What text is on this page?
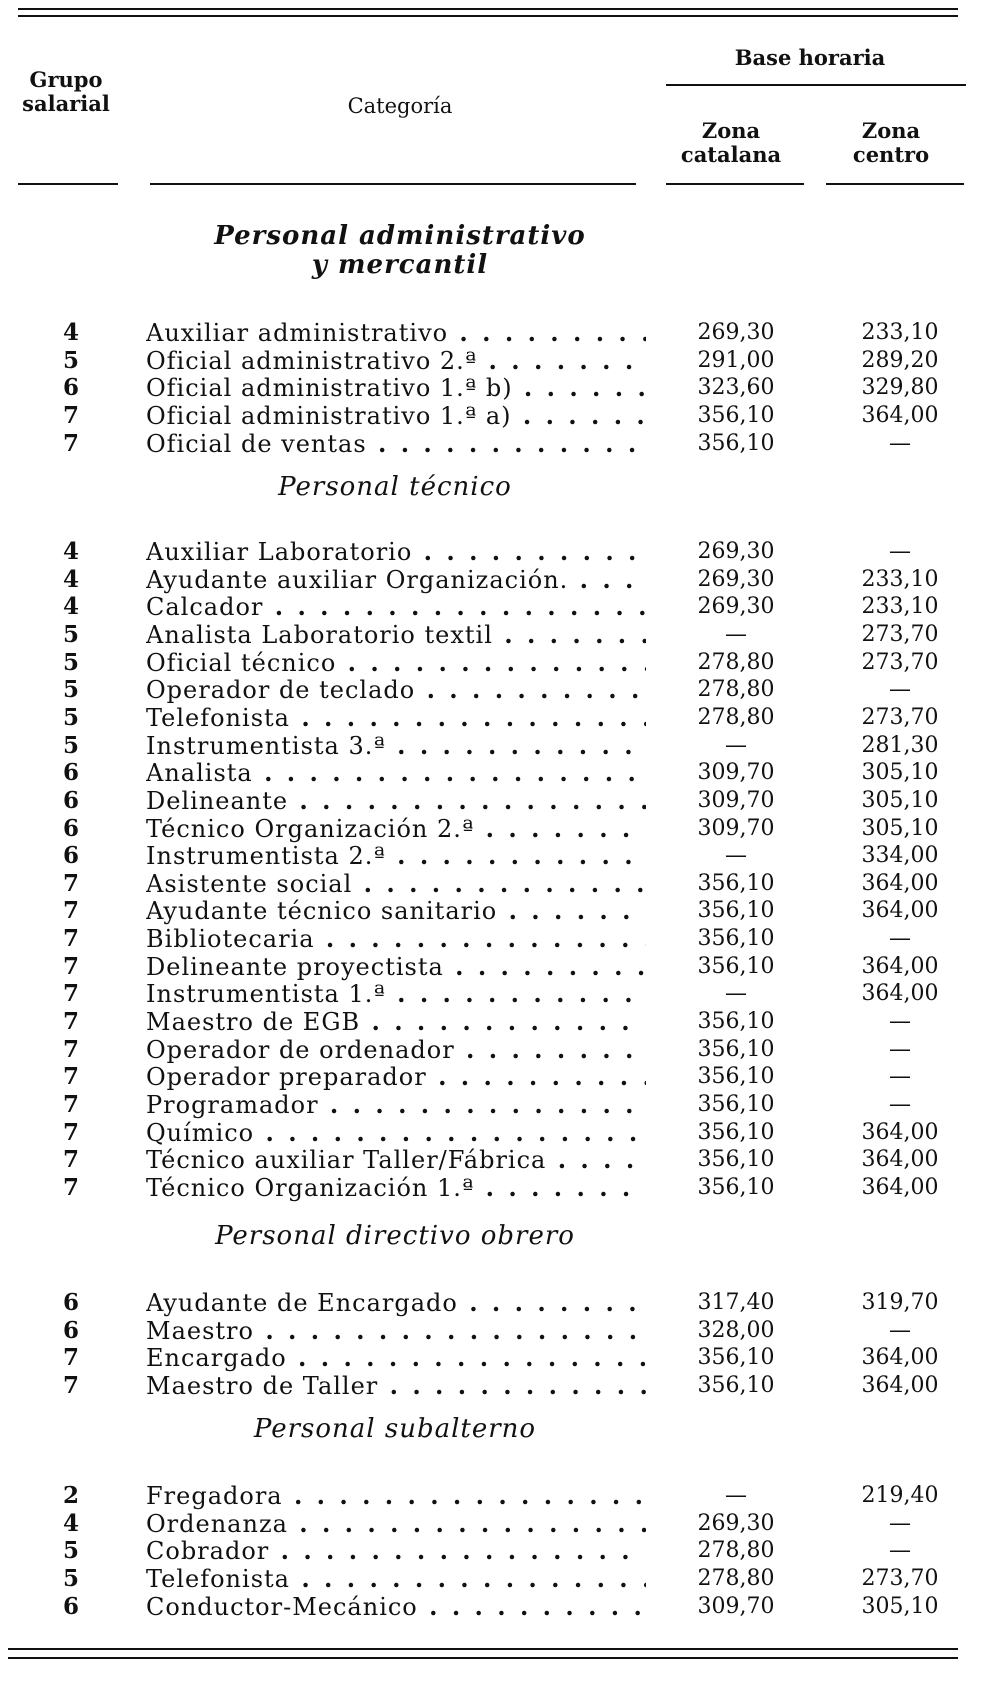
Grupo salarial	Categoría
Base horaria
Zona catalana
Zona centro
Personal administrativo y mercantil
Personal técnico
Personal directivo obrero
Personal subalterno
4	Auxiliar administrativo . . .	269,30	233,10
5	Oficial administrativo 2.ª . . .	291,00	289,20
6	Oficial administrativo 1.ª b) . . .	323,60	329,80
7	Oficial administrativo 1.ª a) . . .	356,10	364,00
7	Oficial de ventas . . .	356,10	—
4	Auxiliar Laboratorio . . .	269,30	—
4	Ayudante auxiliar Organización. . . .	269,30	233,10
4	Calcador . . .	269,30	233,10
5	Analista Laboratorio textil . . .	—	273,70
5	Oficial técnico . . .	278,80	273,70
5	Operador de teclado . . .	278,80	—
5	Telefonista . . .	278,80	273,70
5	Instrumentista 3.ª . . .	—	281,30
6	Analista . . .	309,70	305,10
6	Delineante . . .	309,70	305,10
6	Técnico Organización 2.ª . . .	309,70	305,10
6	Instrumentista 2.ª . . .	—	334,00
7	Asistente social . . .	356,10	364,00
7	Ayudante técnico sanitario . . .	356,10	364,00
7	Bibliotecaria . . .	356,10	—
7	Delineante proyectista . . .	356,10	364,00
7	Instrumentista 1.ª . . .	—	364,00
7	Maestro de EGB . . .	356,10	—
7	Operador de ordenador . . .	356,10	—
7	Operador preparador . . .	356,10	—
7	Programador . . .	356,10	—
7	Químico . . .	356,10	364,00
7	Técnico auxiliar Taller/Fábrica . . .	356,10	364,00
7	Técnico Organización 1.ª . . .	356,10	364,00
6	Ayudante de Encargado . . .	317,40	319,70
6	Maestro . . .	328,00	—
7	Encargado . . .	356,10	364,00
7	Maestro de Taller . . .	356,10	364,00
2	Fregadora . . .	—	219,40
4	Ordenanza . . .	269,30	—
5	Cobrador . . .	278,80	—
5	Telefonista . . .	278,80	273,70
6	Conductor-Mecánico . . .	309,70	305,10
